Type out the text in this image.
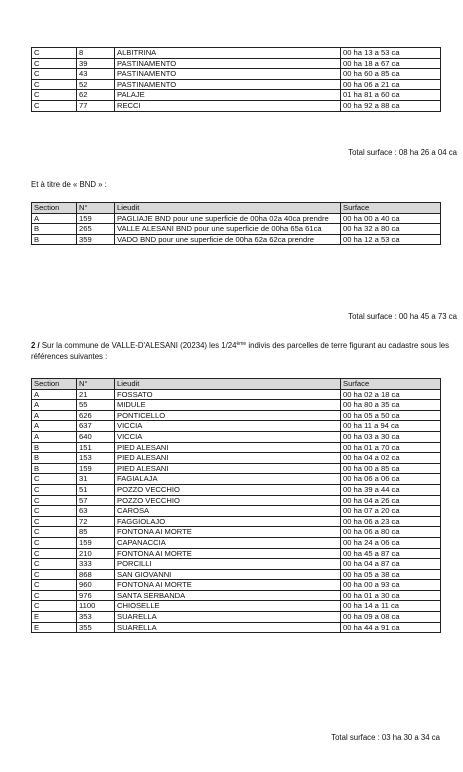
C	8	ALBITRINA	00 ha 13 a 53 ca
C	39	PASTINAMENTO	00 ha 18 a 67 ca
C	43	PASTINAMENTO	00 ha 60 a 85 ca
C	52	PASTINAMENTO	00 ha 06 a 21 ca
C	62	PALAJE	01 ha 81 a 60 ca
C	77	RECCI	00 ha 92 a 88 ca
Total surface : 08 ha 26 a 04 ca
Et à titre de « BND » :
Section	N°	Lieudit	Surface
A	159	PAGLIAJE BND pour une superficie de 00ha 02a 40ca prendre	00 ha 00 a 40 ca
B	265	VALLE ALESANI BND pour une superficie de 00ha 65a 61ca	00 ha 32 a 80 ca
B	359	VADO BND pour une superficie de 00ha 62a 62ca prendre	00 ha 12 a 53 ca
Total surface : 00 ha 45 a 73 ca
2 / Sur la commune de VALLE-D'ALESANI (20234) les 1/24ème indivis des parcelles de terre figurant au cadastre sous les références suivantes :
Section	N°	Lieudit	Surface
A	21	FOSSATO	00 ha 02 a 18 ca
A	55	MIDULE	00 ha 80 a 35 ca
A	626	PONTICELLO	00 ha 05 a 50 ca
A	637	VICCIA	00 ha 11 a 94 ca
A	640	VICCIA	00 ha 03 a 30 ca
B	151	PIED ALESANI	00 ha 01 a 70 ca
B	153	PIED ALESANI	00 ha 04 a 02 ca
B	159	PIED ALESANI	00 ha 00 a 85 ca
C	31	FAGIALAJA	00 ha 06 a 06 ca
C	51	POZZO VECCHIO	00 ha 39 a 44 ca
C	57	POZZO VECCHIO	00 ha 04 a 26 ca
C	63	CAROSA	00 ha 07 a 20 ca
C	72	FAGGIOLAJO	00 ha 06 a 23 ca
C	85	FONTONA AI MORTE	00 ha 06 a 80 ca
C	159	CAPANACCIA	00 ha 24 a 06 ca
C	210	FONTONA AI MORTE	00 ha 45 a 87 ca
C	333	PORCILLI	00 ha 04 a 87 ca
C	868	SAN GIOVANNI	00 ha 05 a 38 ca
C	960	FONTONA AI MORTE	00 ha 00 a 93 ca
C	976	SANTA SERBANDA	00 ha 01 a 30 ca
C	1100	CHIOSELLE	00 ha 14 a 11 ca
E	353	SUARELLA	00 ha 09 a 08 ca
E	355	SUARELLA	00 ha 44 a 91 ca
Total surface : 03 ha 30 a 34 ca
